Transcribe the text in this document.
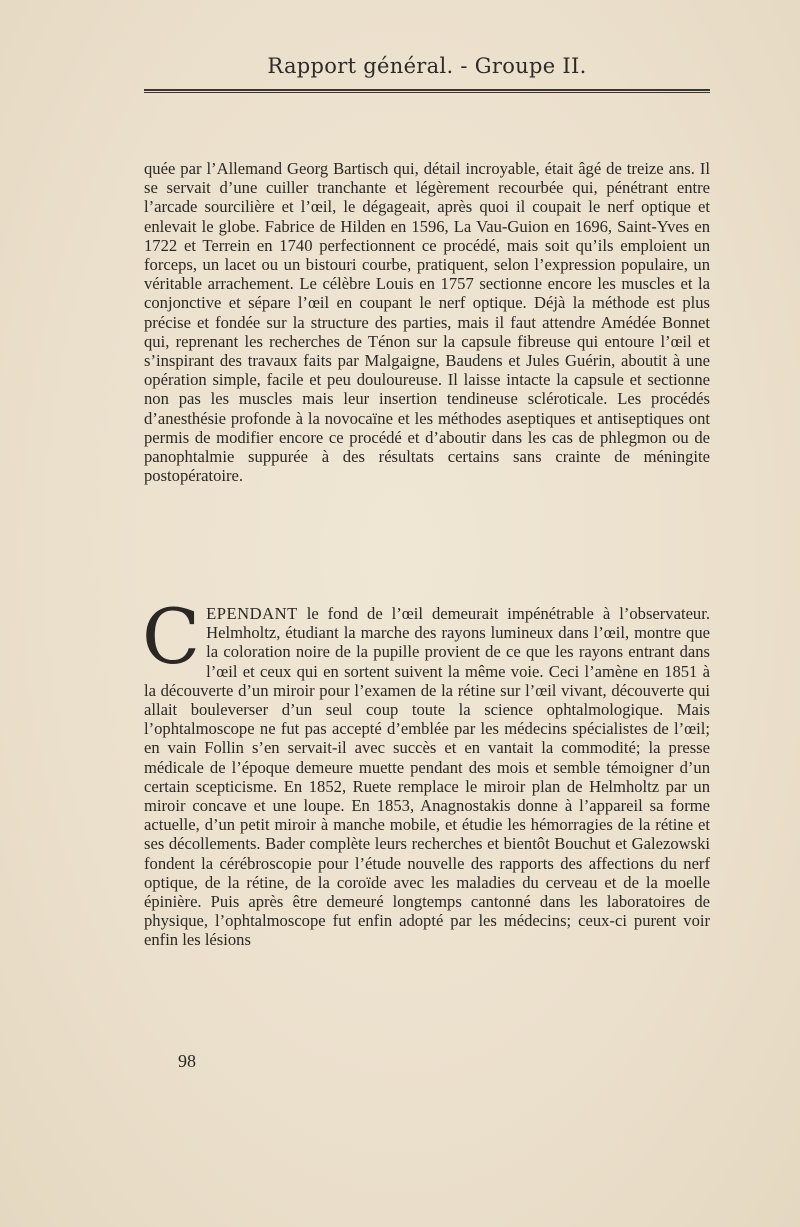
Rapport général. - Groupe II.
quée par l’Allemand Georg Bartisch qui, détail incroyable, était âgé de treize ans. Il se servait d’une cuiller tranchante et légèrement recourbée qui, pénétrant entre l’arcade sourcilière et l’œil, le dégageait, après quoi il coupait le nerf optique et enlevait le globe. Fabrice de Hilden en 1596, La Vau-Guion en 1696, Saint-Yves en 1722 et Terrein en 1740 perfectionnent ce procédé, mais soit qu’ils emploient un forceps, un lacet ou un bistouri courbe, pratiquent, selon l’expression populaire, un véritable arrachement. Le célèbre Louis en 1757 sectionne encore les muscles et la conjonctive et sépare l’œil en coupant le nerf optique. Déjà la méthode est plus précise et fondée sur la structure des parties, mais il faut attendre Amédée Bonnet qui, reprenant les recherches de Ténon sur la capsule fibreuse qui entoure l’œil et s’inspirant des travaux faits par Malgaigne, Baudens et Jules Guérin, aboutit à une opération simple, facile et peu douloureuse. Il laisse intacte la capsule et sectionne non pas les muscles mais leur insertion tendineuse scléroticale. Les procédés d’anesthésie profonde à la novocaïne et les méthodes aseptiques et antiseptiques ont permis de modifier encore ce procédé et d’aboutir dans les cas de phlegmon ou de panophtalmie suppurée à des résultats certains sans crainte de méningite postopératoire.
CEPENDANT le fond de l’œil demeurait impénétrable à l’observateur. Helmholtz, étudiant la marche des rayons lumineux dans l’œil, montre que la coloration noire de la pupille provient de ce que les rayons entrant dans l’œil et ceux qui en sortent suivent la même voie. Ceci l’amène en 1851 à la découverte d’un miroir pour l’examen de la rétine sur l’œil vivant, découverte qui allait bouleverser d’un seul coup toute la science ophtalmologique. Mais l’ophtalmoscope ne fut pas accepté d’emblée par les médecins spécialistes de l’œil; en vain Follin s’en servait-il avec succès et en vantait la commodité; la presse médicale de l’époque demeure muette pendant des mois et semble témoigner d’un certain scepticisme. En 1852, Ruete remplace le miroir plan de Helmholtz par un miroir concave et une loupe. En 1853, Anagnostakis donne à l’appareil sa forme actuelle, d’un petit miroir à manche mobile, et étudie les hémorragies de la rétine et ses décollements. Bader complète leurs recherches et bientôt Bouchut et Galezowski fondent la cérébroscopie pour l’étude nouvelle des rapports des affections du nerf optique, de la rétine, de la coroïde avec les maladies du cerveau et de la moelle épinière. Puis après être demeuré longtemps cantonné dans les laboratoires de physique, l’ophtalmoscope fut enfin adopté par les médecins; ceux-ci purent voir enfin les lésions
98
